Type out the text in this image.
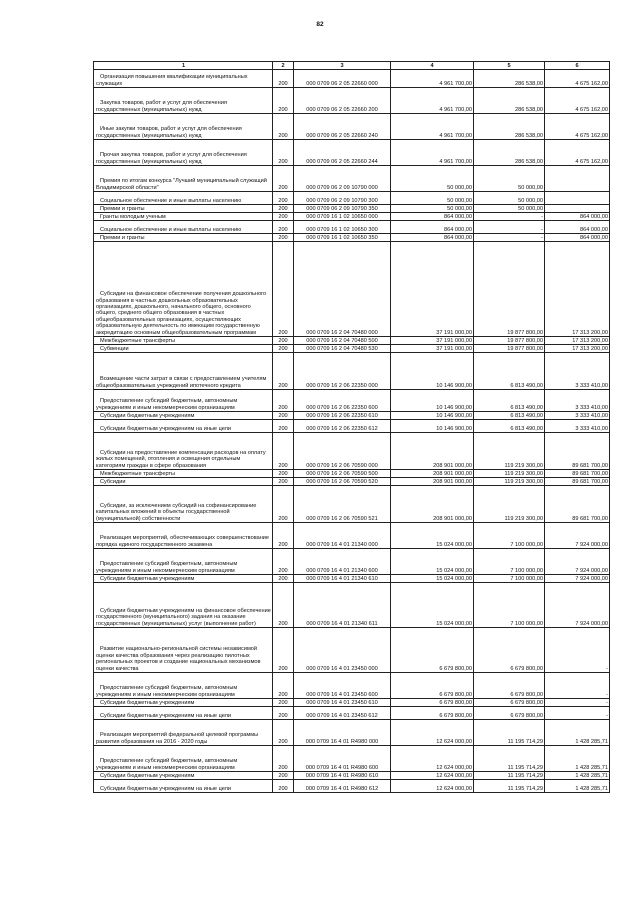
82
1	2	3	4	5	6
Организация повышения квалификации муниципальных служащих	200	000 0709 06 2 05 22660 000	4 961 700,00	286 538,00	4 675 162,00
Закупка товаров, работ и услуг для обеспечения государственных (муниципальных) нужд	200	000 0709 06 2 05 22660 200	4 961 700,00	286 538,00	4 675 162,00
Иные закупки товаров, работ и услуг для обеспечения государственных (муниципальных) нужд	200	000 0709 06 2 05 22660 240	4 961 700,00	286 538,00	4 675 162,00
Прочая закупка товаров, работ и услуг для обеспечения государственных (муниципальных) нужд	200	000 0709 06 2 05 22660 244	4 961 700,00	286 538,00	4 675 162,00
Премия по итогам конкурса "Лучший муниципальный служащий Владимирской области"	200	000 0709 06 2 09 10790 000	50 000,00	50 000,00	
Социальное обеспечение и иные выплаты населению	200	000 0709 06 2 09 10790 300	50 000,00	50 000,00	
Премии и гранты	200	000 0709 06 2 09 10790 350	50 000,00	50 000,00	
Гранты молодым ученым	200	000 0709 16 1 02 10650 000	864 000,00	-	864 000,00
Социальное обеспечение и иные выплаты населению	200	000 0709 16 1 02 10650 300	864 000,00	-	864 000,00
Премии и гранты	200	000 0709 16 1 02 10650 350	864 000,00	-	864 000,00
Субсидии на финансовое обеспечение получения дошкольного образования в частных дошкольных образовательных организациях, дошкольного, начального общего, основного общего, среднего общего образования в частных общеобразовательных организациях, осуществляющих образовательную деятельность по имеющим государственную аккредитацию основным общеобразовательным программам	200	000 0709 16 2 04 70480 000	37 191 000,00	19 877 800,00	17 313 200,00
Межбюджетные трансферты	200	000 0709 16 2 04 70480 500	37 191 000,00	19 877 800,00	17 313 200,00
Субвенции	200	000 0709 16 2 04 70480 530	37 191 000,00	19 877 800,00	17 313 200,00
Возмещение части затрат в связи с предоставлением учителям общеобразовательных учреждений ипотечного кредита	200	000 0709 16 2 06 22350 000	10 146 900,00	6 813 490,00	3 333 410,00
Предоставление субсидий бюджетным, автономным учреждениям и иным некоммерческим организациям	200	000 0709 16 2 06 22350 600	10 146 900,00	6 813 490,00	3 333 410,00
Субсидии бюджетным учреждениям	200	000 0709 16 2 06 22350 610	10 146 900,00	6 813 490,00	3 333 410,00
Субсидии бюджетным учреждениям на иные цели	200	000 0709 16 2 06 22350 612	10 146 900,00	6 813 490,00	3 333 410,00
Субсидии на предоставление компенсации расходов на оплату жилых помещений, отопления и освещения отдельным категориям граждан в сфере образования	200	000 0709 16 2 06 70590 000	208 901 000,00	119 219 300,00	89 681 700,00
Межбюджетные трансферты	200	000 0709 16 2 06 70590 500	208 901 000,00	119 219 300,00	89 681 700,00
Субсидии	200	000 0709 16 2 06 70590 520	208 901 000,00	119 219 300,00	89 681 700,00
Субсидии, за исключением субсидий на софинансирование капитальных вложений в объекты государственной (муниципальной) собственности	200	000 0709 16 2 06 70590 521	208 901 000,00	119 219 300,00	89 681 700,00
Реализация мероприятий, обеспечивающих совершенствование порядка единого государственного экзамена	200	000 0709 16 4 01 21340 000	15 024 000,00	7 100 000,00	7 924 000,00
Предоставление субсидий бюджетным, автономным учреждениям и иным некоммерческим организациям	200	000 0709 16 4 01 21340 600	15 024 000,00	7 100 000,00	7 924 000,00
Субсидии бюджетным учреждениям	200	000 0709 16 4 01 21340 610	15 024 000,00	7 100 000,00	7 924 000,00
Субсидии бюджетным учреждениям на финансовое обеспечение государственного (муниципального) задания на оказание государственных (муниципальных) услуг (выполнение работ)	200	000 0709 16 4 01 21340 611	15 024 000,00	7 100 000,00	7 924 000,00
Развитие национально-региональной системы независимой оценки качества образования через реализацию пилотных региональных проектов и создание национальных механизмов оценки качества	200	000 0709 16 4 01 23450 000	6 679 800,00	6 679 800,00	-
Предоставление субсидий бюджетным, автономным учреждениям и иным некоммерческим организациям	200	000 0709 16 4 01 23450 600	6 679 800,00	6 679 800,00	-
Субсидии бюджетным учреждениям	200	000 0709 16 4 01 23450 610	6 679 800,00	6 679 800,00	-
Субсидии бюджетным учреждениям на иные цели	200	000 0709 16 4 01 23450 612	6 679 800,00	6 679 800,00	-
Реализация мероприятий федеральной целевой программы развития образования на 2016 - 2020 годы	200	000 0709 16 4 01 R4980 000	12 624 000,00	11 195 714,29	1 428 285,71
Предоставление субсидий бюджетным, автономным учреждениям и иным некоммерческим организациям	200	000 0709 16 4 01 R4980 600	12 624 000,00	11 195 714,29	1 428 285,71
Субсидии бюджетным учреждениям	200	000 0709 16 4 01 R4980 610	12 624 000,00	11 195 714,29	1 428 285,71
Субсидии бюджетным учреждениям на иные цели	200	000 0709 16 4 01 R4980 612	12 624 000,00	11 195 714,29	1 428 285,71
